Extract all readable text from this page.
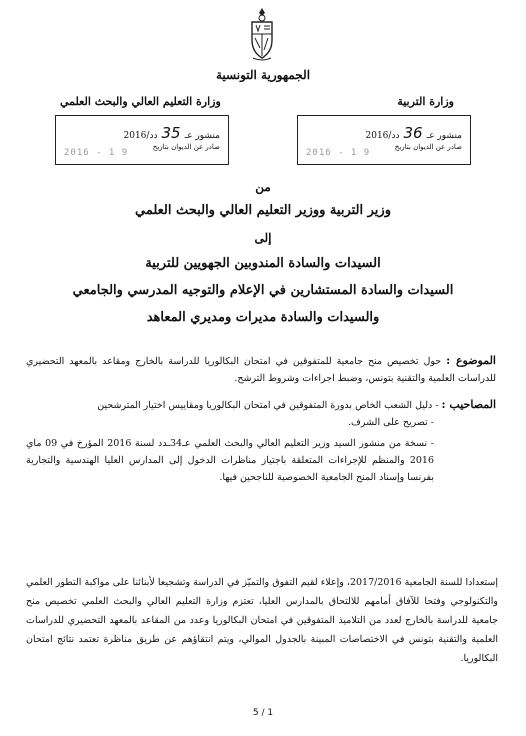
الجمهورية التونسية
وزارة التربية
وزارة التعليم العالي والبحث العلمي
منشور عـ36دد/2016
صادر عن الديوان بتاريخ
2016 - 1 9
منشور عـ35دد/2016
صادر عن الديوان بتاريخ
2016 - 1 9
من
وزير التربية ووزير التعليم العالي والبحث العلمي
إلى
السيدات والسادة المندوبين الجهويين للتربية
السيدات والسادة المستشارين في الإعلام والتوجيه المدرسي والجامعي
والسيدات والسادة مديرات ومديري المعاهد
الموضوع : حول تخصيص منح جامعية للمتفوقين في امتحان البكالوريا للدراسة بالخارج ومقاعد بالمعهد التحضيري للدراسات العلمية والتقنية بتونس، وضبط اجراءات وشروط الترشح.
المصاحيب : - دليل الشعب الخاص بدورة المتفوقين في امتحان البكالوريا ومقاييس اختيار المترشحين
- تصريح على الشرف.
- نسخة من منشور السيد وزير التعليم العالي والبحث العلمي عـ34ـدد لسنة 2016 المؤرخ في 09 ماي 2016 والمنظم للإجراءات المتعلقة باجتياز مناظرات الدخول إلى المدارس العليا الهندسية والتجارية بفرنسا وإسناد المنح الجامعية الخصوصية للناجحين فيها.
إستعدادا للسنة الجامعية 2017/2016، وإعلاء لقيم التفوق والتميّز في الدراسة وتشجيعا لأبنائنا على مواكبة التطور العلمي والتكنولوجي وفتحا للآفاق أمامهم للالتحاق بالمدارس العليا، تعتزم وزارة التعليم العالي والبحث العلمي تخصيص منح جامعية للدراسة بالخارج لعدد من التلاميذ المتفوقين في امتحان البكالوريا وعدد من المقاعد بالمعهد التحضيري للدراسات العلمية والتقنية بتونس في الاختصاصات المبينة بالجدول الموالي، ويتم انتقاؤهم عن طريق مناظرة تعتمد نتائج امتحان البكالوريا.
5 / 1
